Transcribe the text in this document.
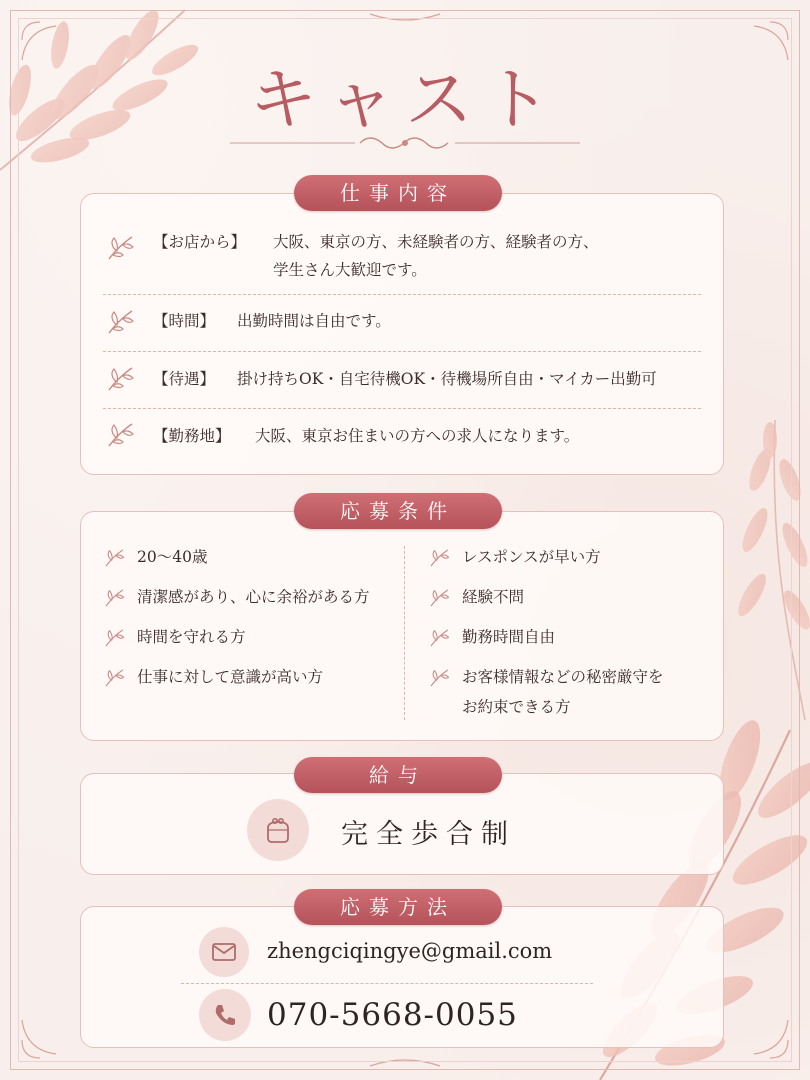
キャスト
【お店から】 大阪、東京の方、未経験者の方、経験者の方、
学生さん大歓迎です。
【時間】 出勤時間は自由です。
【待遇】 掛け持ちOK・自宅待機OK・待機場所自由・マイカー出勤可
【勤務地】 大阪、東京お住まいの方への求人になります。
仕事内容
20〜40歳
清潔感があり、心に余裕がある方
時間を守れる方
仕事に対して意識が高い方
レスポンスが早い方
経験不問
勤務時間自由
お客様情報などの秘密厳守を
お約束できる方
応募条件
完全歩合制
給与
zhengciqingye@gmail.com
070-5668-0055
応募方法
